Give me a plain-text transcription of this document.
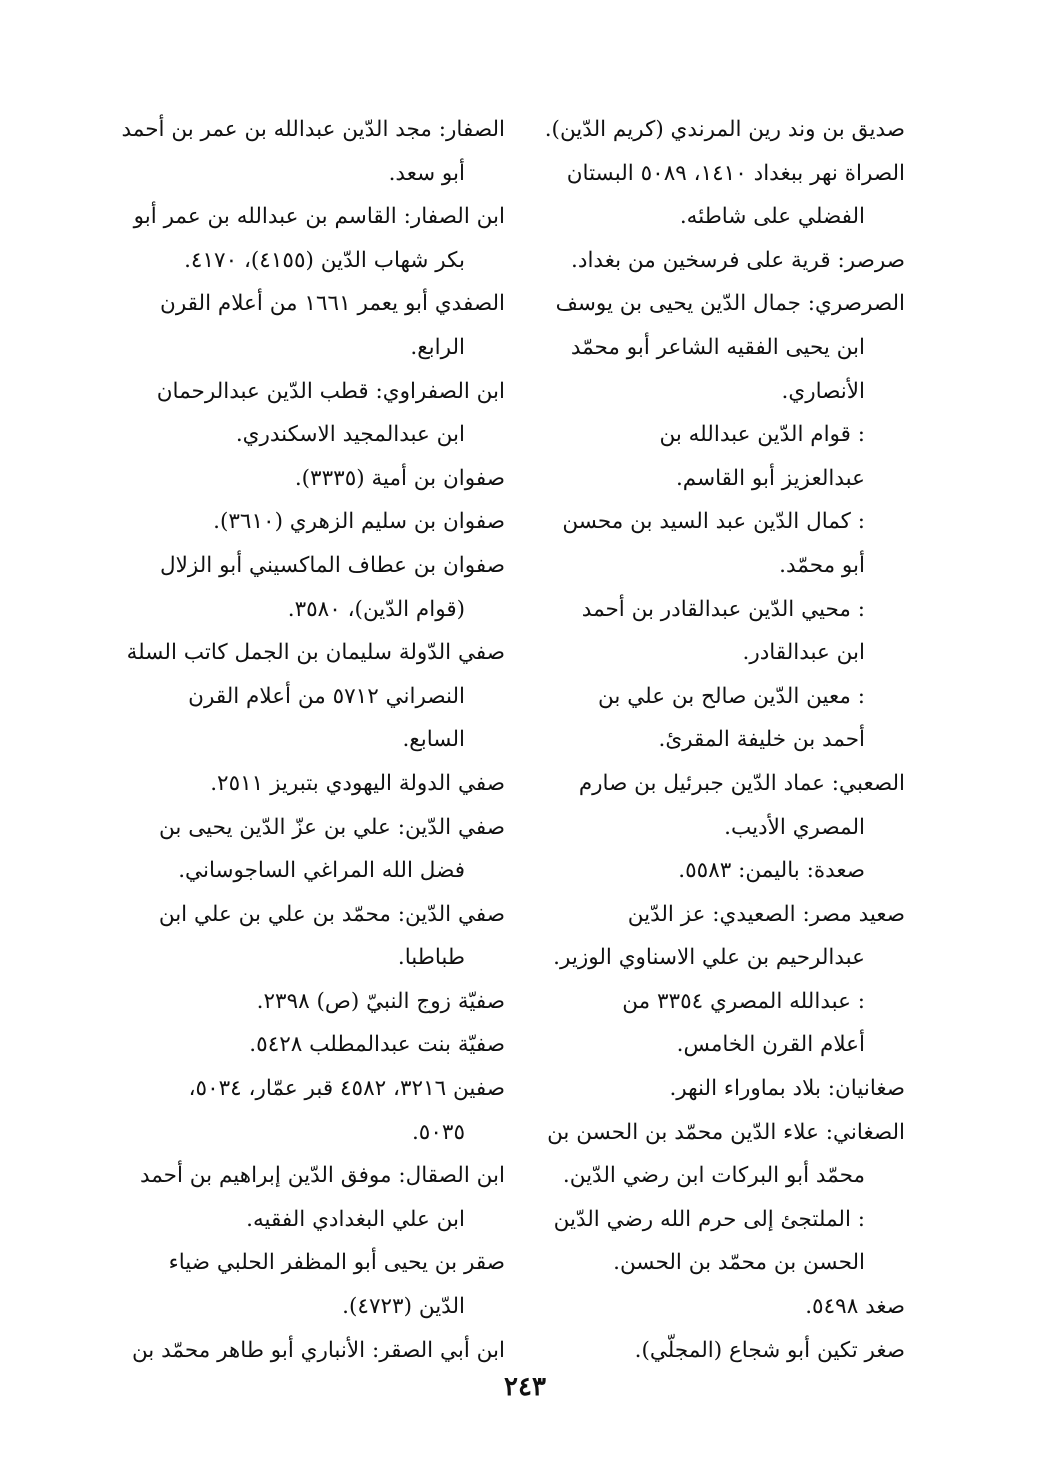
صديق بن وند رين المرندي (كريم الدّين).
الصراة نهر ببغداد ١٤١٠، ٥٠٨٩ البستان
الفضلي على شاطئه.
صرصر: قرية على فرسخين من بغداد.
الصرصري: جمال الدّين يحيى بن يوسف
ابن يحيى الفقيه الشاعر أبو محمّد
الأنصاري.
: قوام الدّين عبدالله بن
عبدالعزيز أبو القاسم.
: كمال الدّين عبد السيد بن محسن
أبو محمّد.
: محيي الدّين عبدالقادر بن أحمد
ابن عبدالقادر.
: معين الدّين صالح بن علي بن
أحمد بن خليفة المقرئ.
الصعبي: عماد الدّين جبرئيل بن صارم
المصري الأديب.
صعدة: باليمن: ٥٥٨٣.
صعيد مصر: الصعيدي: عز الدّين
عبدالرحيم بن علي الاسناوي الوزير.
: عبدالله المصري ٣٣٥٤ من
أعلام القرن الخامس.
صغانيان: بلاد بماوراء النهر.
الصغاني: علاء الدّين محمّد بن الحسن بن
محمّد أبو البركات ابن رضي الدّين.
: الملتجئ إلى حرم الله رضي الدّين
الحسن بن محمّد بن الحسن.
صغد ٥٤٩٨.
صغر تكين أبو شجاع (المجلّي).
الصفار: مجد الدّين عبدالله بن عمر بن أحمد
أبو سعد.
ابن الصفار: القاسم بن عبدالله بن عمر أبو
بكر شهاب الدّين (٤١٥٥)، ٤١٧٠.
الصفدي أبو يعمر ١٦٦١ من أعلام القرن
الرابع.
ابن الصفراوي: قطب الدّين عبدالرحمان
ابن عبدالمجيد الاسكندري.
صفوان بن أمية (٣٣٣٥).
صفوان بن سليم الزهري (٣٦١٠).
صفوان بن عطاف الماكسيني أبو الزلال
(قوام الدّين)، ٣٥٨٠.
صفي الدّولة سليمان بن الجمل كاتب السلة
النصراني ٥٧١٢ من أعلام القرن
السابع.
صفي الدولة اليهودي بتبريز ٢٥١١.
صفي الدّين: علي بن عزّ الدّين يحيى بن
فضل الله المراغي الساجوساني.
صفي الدّين: محمّد بن علي بن علي ابن
طباطبا.
صفيّة زوج النبيّ (ص) ٢٣٩٨.
صفيّة بنت عبدالمطلب ٥٤٢٨.
صفين ٣٢١٦، ٤٥٨٢ قبر عمّار، ٥٠٣٤،
٥٠٣٥.
ابن الصقال: موفق الدّين إبراهيم بن أحمد
ابن علي البغدادي الفقيه.
صقر بن يحيى أبو المظفر الحلبي ضياء
الدّين (٤٧٢٣).
ابن أبي الصقر: الأنباري أبو طاهر محمّد بن
٢٤٣
